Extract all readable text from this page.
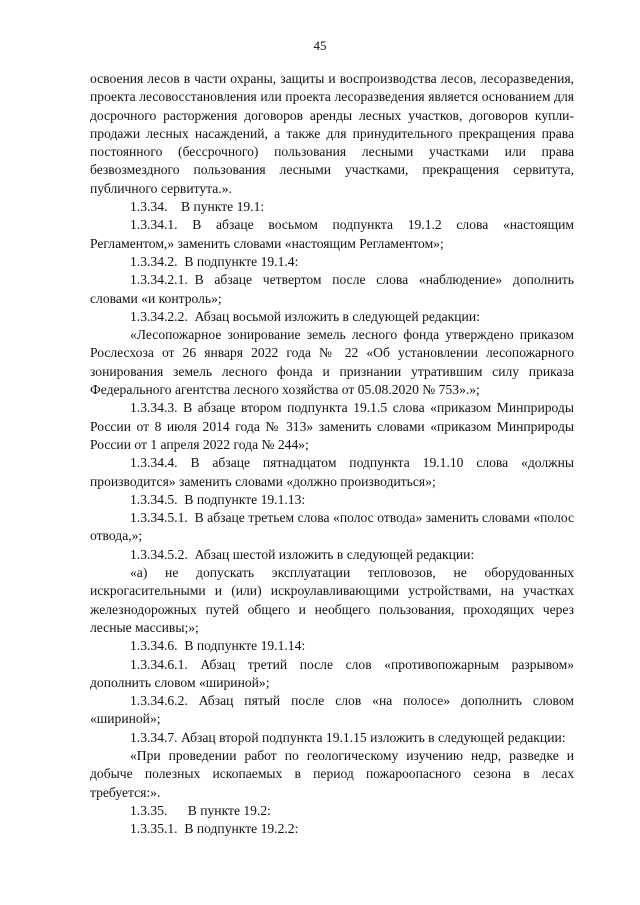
45

освоения лесов в части охраны, защиты и воспроизводства лесов, лесоразведения, проекта лесовосстановления или проекта лесоразведения является основанием для досрочного расторжения договоров аренды лесных участков, договоров купли-продажи лесных насаждений, а также для принудительного прекращения права постоянного (бессрочного) пользования лесными участками или права безвозмездного пользования лесными участками, прекращения сервитута, публичного сервитута.».

1.3.34. В пункте 19.1:

1.3.34.1. В абзаце восьмом подпункта 19.1.2 слова «настоящим Регламентом,» заменить словами «настоящим Регламентом»;

1.3.34.2. В подпункте 19.1.4:

1.3.34.2.1. В абзаце четвертом после слова «наблюдение» дополнить словами «и контроль»;

1.3.34.2.2. Абзац восьмой изложить в следующей редакции:

«Лесопожарное зонирование земель лесного фонда утверждено приказом Рослесхоза от 26 января 2022 года № 22 «Об установлении лесопожарного зонирования земель лесного фонда и признании утратившим силу приказа Федерального агентства лесного хозяйства от 05.08.2020 № 753».»;

1.3.34.3. В абзаце втором подпункта 19.1.5 слова «приказом Минприроды России от 8 июля 2014 года № 313» заменить словами «приказом Минприроды России от 1 апреля 2022 года № 244»;

1.3.34.4. В абзаце пятнадцатом подпункта 19.1.10 слова «должны производится» заменить словами «должно производиться»;

1.3.34.5. В подпункте 19.1.13:

1.3.34.5.1. В абзаце третьем слова «полос отвода» заменить словами «полос отвода,»;

1.3.34.5.2. Абзац шестой изложить в следующей редакции:

«а) не допускать эксплуатации тепловозов, не оборудованных искрогасительными и (или) искроулавливающими устройствами, на участках железнодорожных путей общего и необщего пользования, проходящих через лесные массивы;»;

1.3.34.6. В подпункте 19.1.14:

1.3.34.6.1. Абзац третий после слов «противопожарным разрывом» дополнить словом «шириной»;

1.3.34.6.2. Абзац пятый после слов «на полосе» дополнить словом «шириной»;

1.3.34.7. Абзац второй подпункта 19.1.15 изложить в следующей редакции:

«При проведении работ по геологическому изучению недр, разведке и добыче полезных ископаемых в период пожароопасного сезона в лесах требуется:».

1.3.35.  В пункте 19.2:

1.3.35.1. В подпункте 19.2.2:
